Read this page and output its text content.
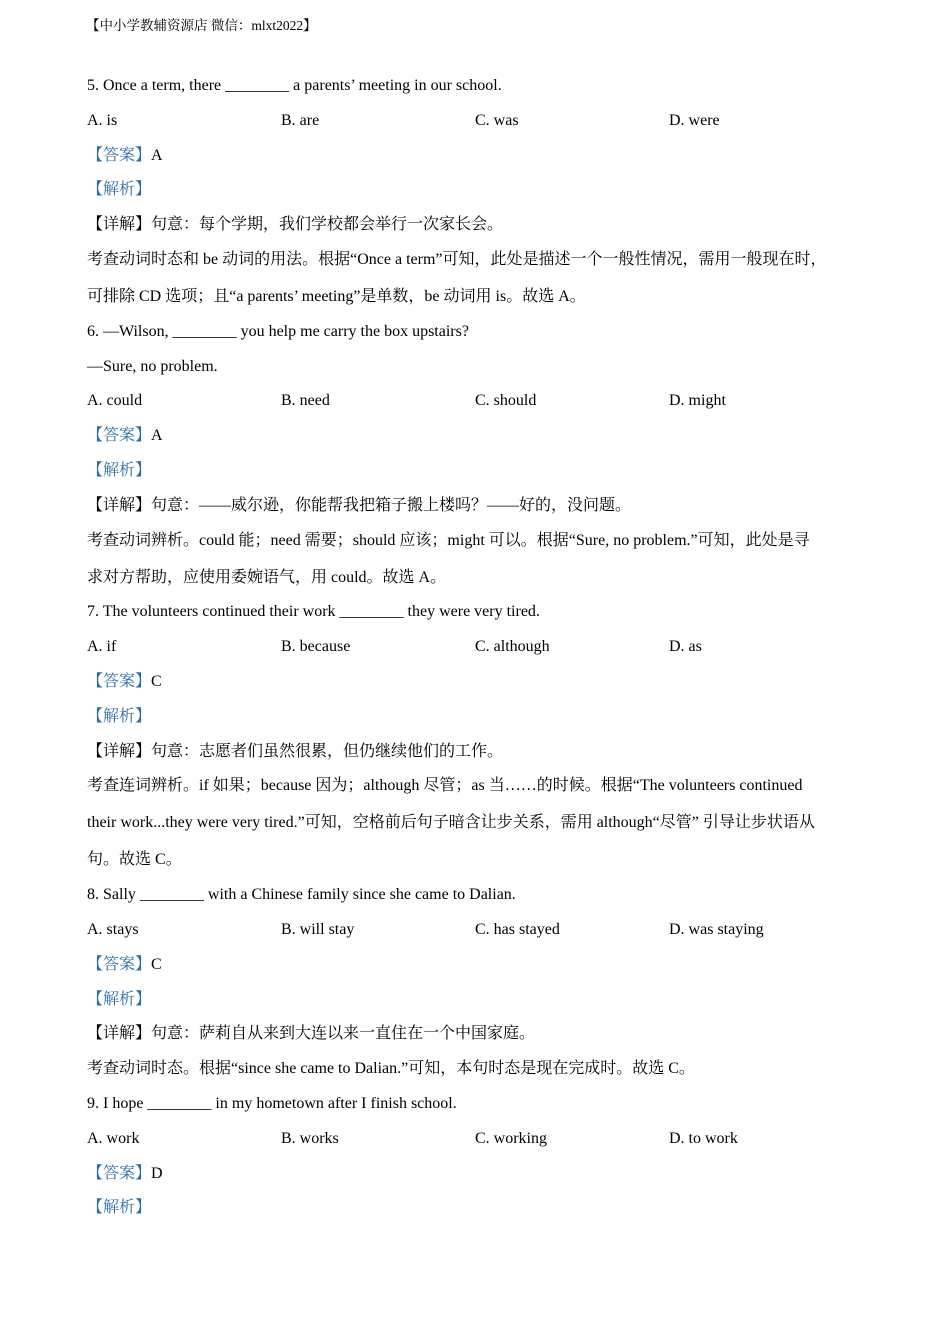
【中小学教辅资源店 微信：mlxt2022】
5. Once a term, there ________ a parents’ meeting in our school.
A. is	B. are	C. was	D. were
【答案】A
【解析】
【详解】句意：每个学期，我们学校都会举行一次家长会。
考查动词时态和 be 动词的用法。根据“Once a term”可知，此处是描述一个一般性情况，需用一般现在时，
可排除 CD 选项；且“a parents’ meeting”是单数，be 动词用 is。故选 A。
6. —Wilson, ________ you help me carry the box upstairs?
—Sure, no problem.
A. could	B. need	C. should	D. might
【答案】A
【解析】
【详解】句意：——威尔逊，你能帮我把箱子搬上楼吗？——好的，没问题。
考查动词辨析。could 能；need 需要；should 应该；might 可以。根据“Sure, no problem.”可知，此处是寻
求对方帮助，应使用委婉语气，用 could。故选 A。
7. The volunteers continued their work ________ they were very tired.
A. if	B. because	C. although	D. as
【答案】C
【解析】
【详解】句意：志愿者们虽然很累，但仍继续他们的工作。
考查连词辨析。if 如果；because 因为；although 尽管；as 当……的时候。根据“The volunteers continued
their work...they were very tired.”可知，空格前后句子暗含让步关系，需用 although“尽管” 引导让步状语从
句。故选 C。
8. Sally ________ with a Chinese family since she came to Dalian.
A. stays	B. will stay	C. has stayed	D. was staying
【答案】C
【解析】
【详解】句意：萨莉自从来到大连以来一直住在一个中国家庭。
考查动词时态。根据“since she came to Dalian.”可知，本句时态是现在完成时。故选 C。
9. I hope ________ in my hometown after I finish school.
A. work	B. works	C. working	D. to work
【答案】D
【解析】
